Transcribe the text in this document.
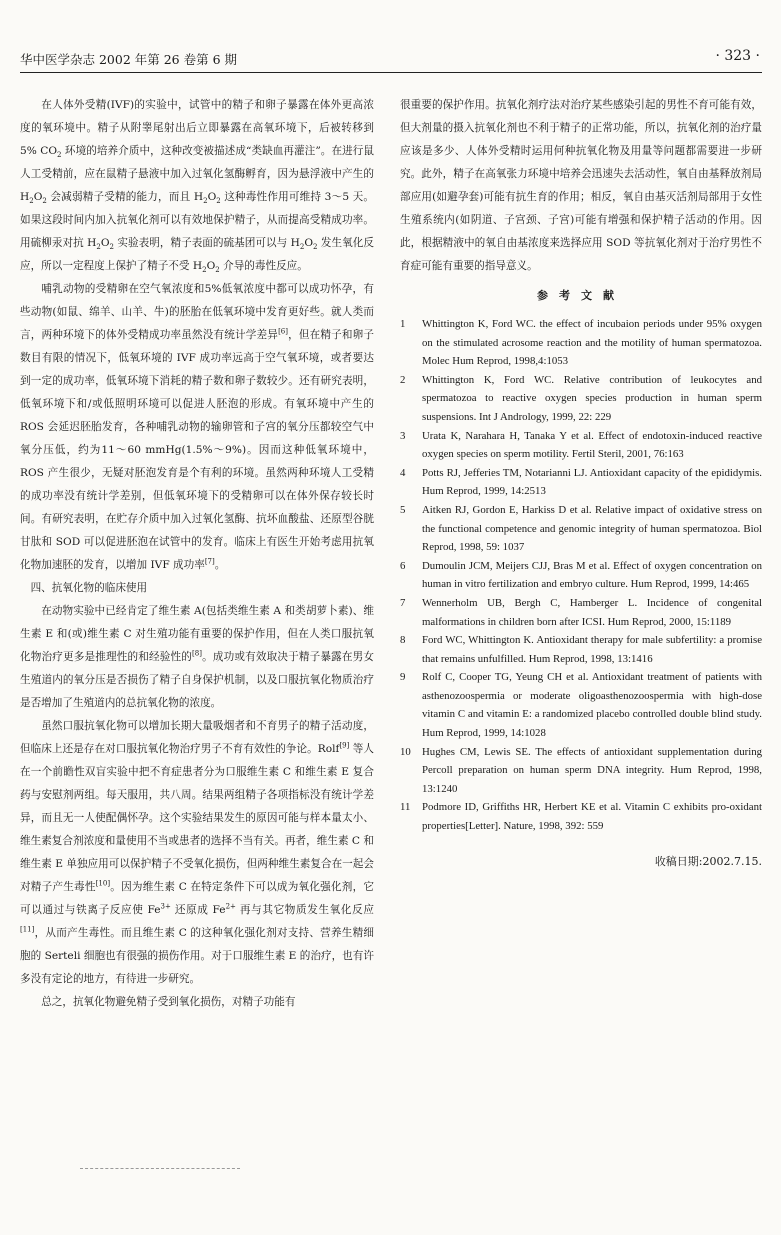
华中医学杂志 2002 年第 26 卷第 6 期	· 323 ·

在人体外受精(IVF)的实验中，试管中的精子和卵子暴露在体外更高浓度的氧环境中。精子从附睾尾射出后立即暴露在高氧环境下，后被转移到 5% $CO_2$ 环境的培养介质中，这种改变被描述成“类缺血再灌注”。在进行鼠人工受精前，应在鼠精子悬液中加入过氧化氢酶孵育，因为悬浮液中产生的 $H_2O_2$ 会减弱精子受精的能力，而且 $H_2O_2$ 这种毒性作用可维持 3～5 天。如果这段时间内加入抗氧化剂可以有效地保护精子，从而提高受精成功率。用硫柳汞对抗 $H_2O_2$ 实验表明，精子表面的硫基团可以与 $H_2O_2$ 发生氧化反应，所以一定程度上保护了精子不受 $H_2O_2$ 介导的毒性反应。

哺乳动物的受精卵在空气氧浓度和5%低氧浓度中都可以成功怀孕，有些动物(如鼠、绵羊、山羊、牛)的胚胎在低氧环境中发育更好些。就人类而言，两种环境下的体外受精成功率虽然没有统计学差异[6]，但在精子和卵子数目有限的情况下，低氧环境的 IVF 成功率远高于空气氧环境，或者要达到一定的成功率，低氧环境下消耗的精子数和卵子数较少。还有研究表明，低氧环境下和/或低照明环境可以促进人胚泡的形成。有氧环境中产生的 ROS 会延迟胚胎发育，各种哺乳动物的输卵管和子宫的氧分压都较空气中氧分压低，约为11～60 mmHg(1.5%～9%)。因而这种低氧环境中，ROS 产生很少，无疑对胚泡发育是个有利的环境。虽然两种环境人工受精的成功率没有统计学差别，但低氧环境下的受精卵可以在体外保存较长时间。有研究表明，在贮存介质中加入过氧化氢酶、抗坏血酸盐、还原型谷胱甘肽和 SOD 可以促进胚泡在试管中的发育。临床上有医生开始考虑用抗氧化物加速胚的发育，以增加 IVF 成功率[7]。

四、抗氧化物的临床使用

在动物实验中已经肯定了维生素 A(包括类维生素 A 和类胡萝卜素)、维生素 E 和(或)维生素 C 对生殖功能有重要的保护作用，但在人类口服抗氧化物治疗更多是推理性的和经验性的[8]。成功或有效取决于精子暴露在男女生殖道内的氧分压是否损伤了精子自身保护机制，以及口服抗氧化物质治疗是否增加了生殖道内的总抗氧化物的浓度。

虽然口服抗氧化物可以增加长期大量吸烟者和不育男子的精子活动度，但临床上还是存在对口服抗氧化物治疗男子不育有效性的争论。Rolf[9] 等人在一个前瞻性双盲实验中把不育症患者分为口服维生素 C 和维生素 E 复合药与安慰剂两组。每天服用，共八周。结果两组精子各项指标没有统计学差异，而且无一人使配偶怀孕。这个实验结果发生的原因可能与样本量太小、维生素复合剂浓度和量使用不当或患者的选择不当有关。再者，维生素 C 和维生素 E 单独应用可以保护精子不受氧化损伤，但两种维生素复合在一起会对精子产生毒性[10]。因为维生素 C 在特定条件下可以成为氧化强化剂，它可以通过与铁离子反应使 $Fe^{3+}$ 还原成 $Fe^{2+}$ 再与其它物质发生氧化反应[11]，从而产生毒性。而且维生素 C 的这种氧化强化剂对支持、营养生精细胞的 Serteli 细胞也有很强的损伤作用。对于口服维生素 E 的治疗，也有许多没有定论的地方，有待进一步研究。

总之，抗氧化物避免精子受到氧化损伤，对精子功能有

很重要的保护作用。抗氧化剂疗法对治疗某些感染引起的男性不育可能有效，但大剂量的摄入抗氧化剂也不利于精子的正常功能，所以，抗氧化剂的治疗量应该是多少、人体外受精时运用何种抗氧化物及用量等问题都需要进一步研究。此外，精子在高氧张力环境中培养会迅速失去活动性，氧自由基释放剂局部应用(如避孕套)可能有抗生育的作用；相反，氧自由基灭活剂局部用于女性生殖系统内(如阴道、子宫颈、子宫)可能有增强和保护精子活动的作用。因此，根据精液中的氧自由基浓度来选择应用 SOD 等抗氧化剂对于治疗男性不育症可能有重要的指导意义。

参考文献

1 Whittington K, Ford WC. the effect of incubaion periods under 95% oxygen on the stimulated acrosome reaction and the motility of human spermatozoa. Molec Hum Reprod, 1998,4:1053
2 Whittington K, Ford WC. Relative contribution of leukocytes and spermatozoa to reactive oxygen species production in human sperm suspensions. Int J Andrology, 1999, 22: 229
3 Urata K, Narahara H, Tanaka Y et al. Effect of endotoxin-induced reactive oxygen species on sperm motility. Fertil Steril, 2001, 76:163
4 Potts RJ, Jefferies TM, Notarianni LJ. Antioxidant capacity of the epididymis. Hum Reprod, 1999, 14:2513
5 Aitken RJ, Gordon E, Harkiss D et al. Relative impact of oxidative stress on the functional competence and genomic integrity of human spermatozoa. Biol Reprod, 1998, 59: 1037
6 Dumoulin JCM, Meijers CJJ, Bras M et al. Effect of oxygen concentration on human in vitro fertilization and embryo culture. Hum Reprod, 1999, 14:465
7 Wennerholm UB, Bergh C, Hamberger L. Incidence of congenital malformations in children born after ICSI. Hum Reprod, 2000, 15:1189
8 Ford WC, Whittington K. Antioxidant therapy for male subfertility: a promise that remains unfulfilled. Hum Reprod, 1998, 13:1416
9 Rolf C, Cooper TG, Yeung CH et al. Antioxidant treatment of patients with asthenozoospermia or moderate oligoasthenozoospermia with high-dose vitamin C and vitamin E: a randomized placebo controlled double blind study. Hum Reprod, 1999, 14:1028
10 Hughes CM, Lewis SE. The effects of antioxidant supplementation during Percoll preparation on human sperm DNA integrity. Hum Reprod, 1998, 13:1240
11 Podmore ID, Griffiths HR, Herbert KE et al. Vitamin C exhibits pro-oxidant properties[Letter]. Nature, 1998, 392: 559
收稿日期:2002.7.15.
